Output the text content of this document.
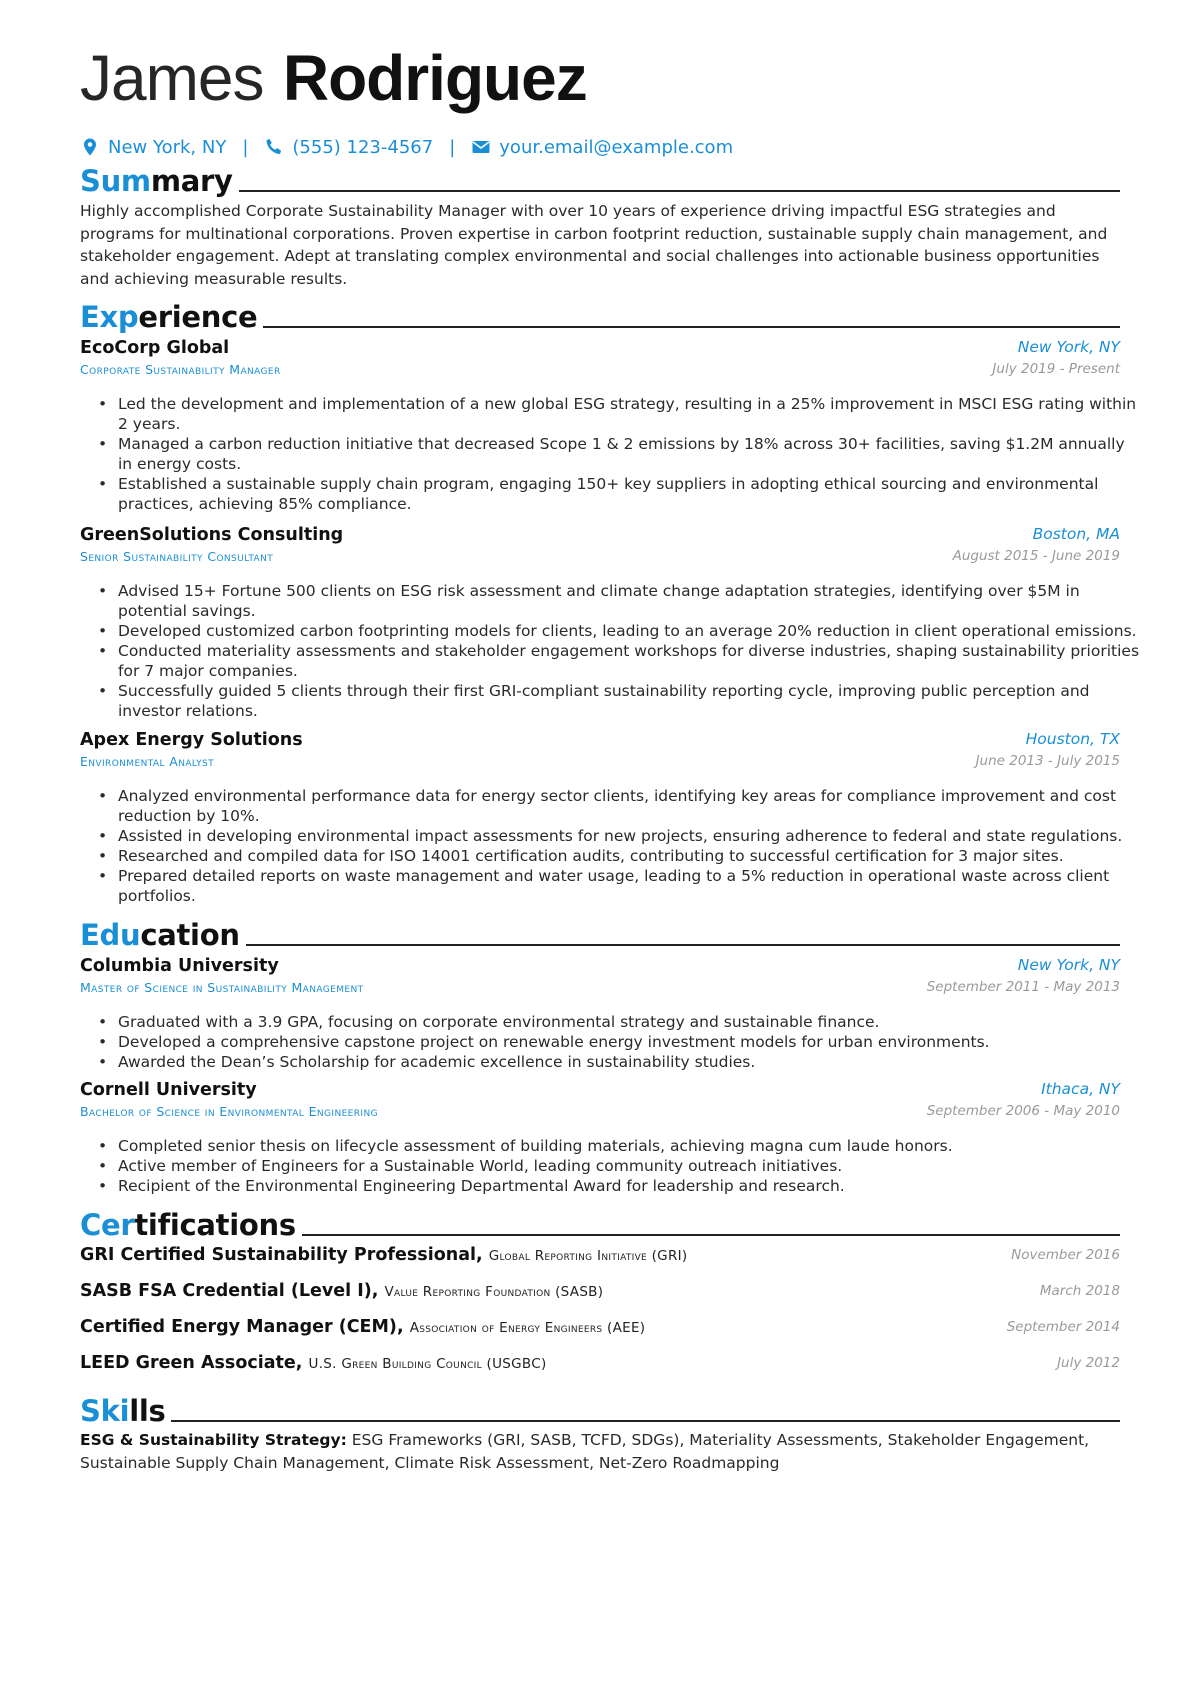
James Rodriguez
New York, NY | (555) 123-4567 | your.email@example.com
Summary
Highly accomplished Corporate Sustainability Manager with over 10 years of experience driving impactful ESG strategies and programs for multinational corporations. Proven expertise in carbon footprint reduction, sustainable supply chain management, and stakeholder engagement. Adept at translating complex environmental and social challenges into actionable business opportunities and achieving measurable results.
Experience
EcoCorp Global	New York, NY
Corporate Sustainability Manager	July 2019 - Present
• Led the development and implementation of a new global ESG strategy, resulting in a 25% improvement in MSCI ESG rating within 2 years.
• Managed a carbon reduction initiative that decreased Scope 1 & 2 emissions by 18% across 30+ facilities, saving $1.2M annually in energy costs.
• Established a sustainable supply chain program, engaging 150+ key suppliers in adopting ethical sourcing and environmental practices, achieving 85% compliance.
GreenSolutions Consulting	Boston, MA
Senior Sustainability Consultant	August 2015 - June 2019
• Advised 15+ Fortune 500 clients on ESG risk assessment and climate change adaptation strategies, identifying over $5M in potential savings.
• Developed customized carbon footprinting models for clients, leading to an average 20% reduction in client operational emissions.
• Conducted materiality assessments and stakeholder engagement workshops for diverse industries, shaping sustainability priorities for 7 major companies.
• Successfully guided 5 clients through their first GRI-compliant sustainability reporting cycle, improving public perception and investor relations.
Apex Energy Solutions	Houston, TX
Environmental Analyst	June 2013 - July 2015
• Analyzed environmental performance data for energy sector clients, identifying key areas for compliance improvement and cost reduction by 10%.
• Assisted in developing environmental impact assessments for new projects, ensuring adherence to federal and state regulations.
• Researched and compiled data for ISO 14001 certification audits, contributing to successful certification for 3 major sites.
• Prepared detailed reports on waste management and water usage, leading to a 5% reduction in operational waste across client portfolios.
Education
Columbia University	New York, NY
Master of Science in Sustainability Management	September 2011 - May 2013
• Graduated with a 3.9 GPA, focusing on corporate environmental strategy and sustainable finance.
• Developed a comprehensive capstone project on renewable energy investment models for urban environments.
• Awarded the Dean’s Scholarship for academic excellence in sustainability studies.
Cornell University	Ithaca, NY
Bachelor of Science in Environmental Engineering	September 2006 - May 2010
• Completed senior thesis on lifecycle assessment of building materials, achieving magna cum laude honors.
• Active member of Engineers for a Sustainable World, leading community outreach initiatives.
• Recipient of the Environmental Engineering Departmental Award for leadership and research.
Certifications
GRI Certified Sustainability Professional, Global Reporting Initiative (GRI)	November 2016
SASB FSA Credential (Level I), Value Reporting Foundation (SASB)	March 2018
Certified Energy Manager (CEM), Association of Energy Engineers (AEE)	September 2014
LEED Green Associate, U.S. Green Building Council (USGBC)	July 2012
Skills
ESG & Sustainability Strategy: ESG Frameworks (GRI, SASB, TCFD, SDGs), Materiality Assessments, Stakeholder Engagement, Sustainable Supply Chain Management, Climate Risk Assessment, Net-Zero Roadmapping
